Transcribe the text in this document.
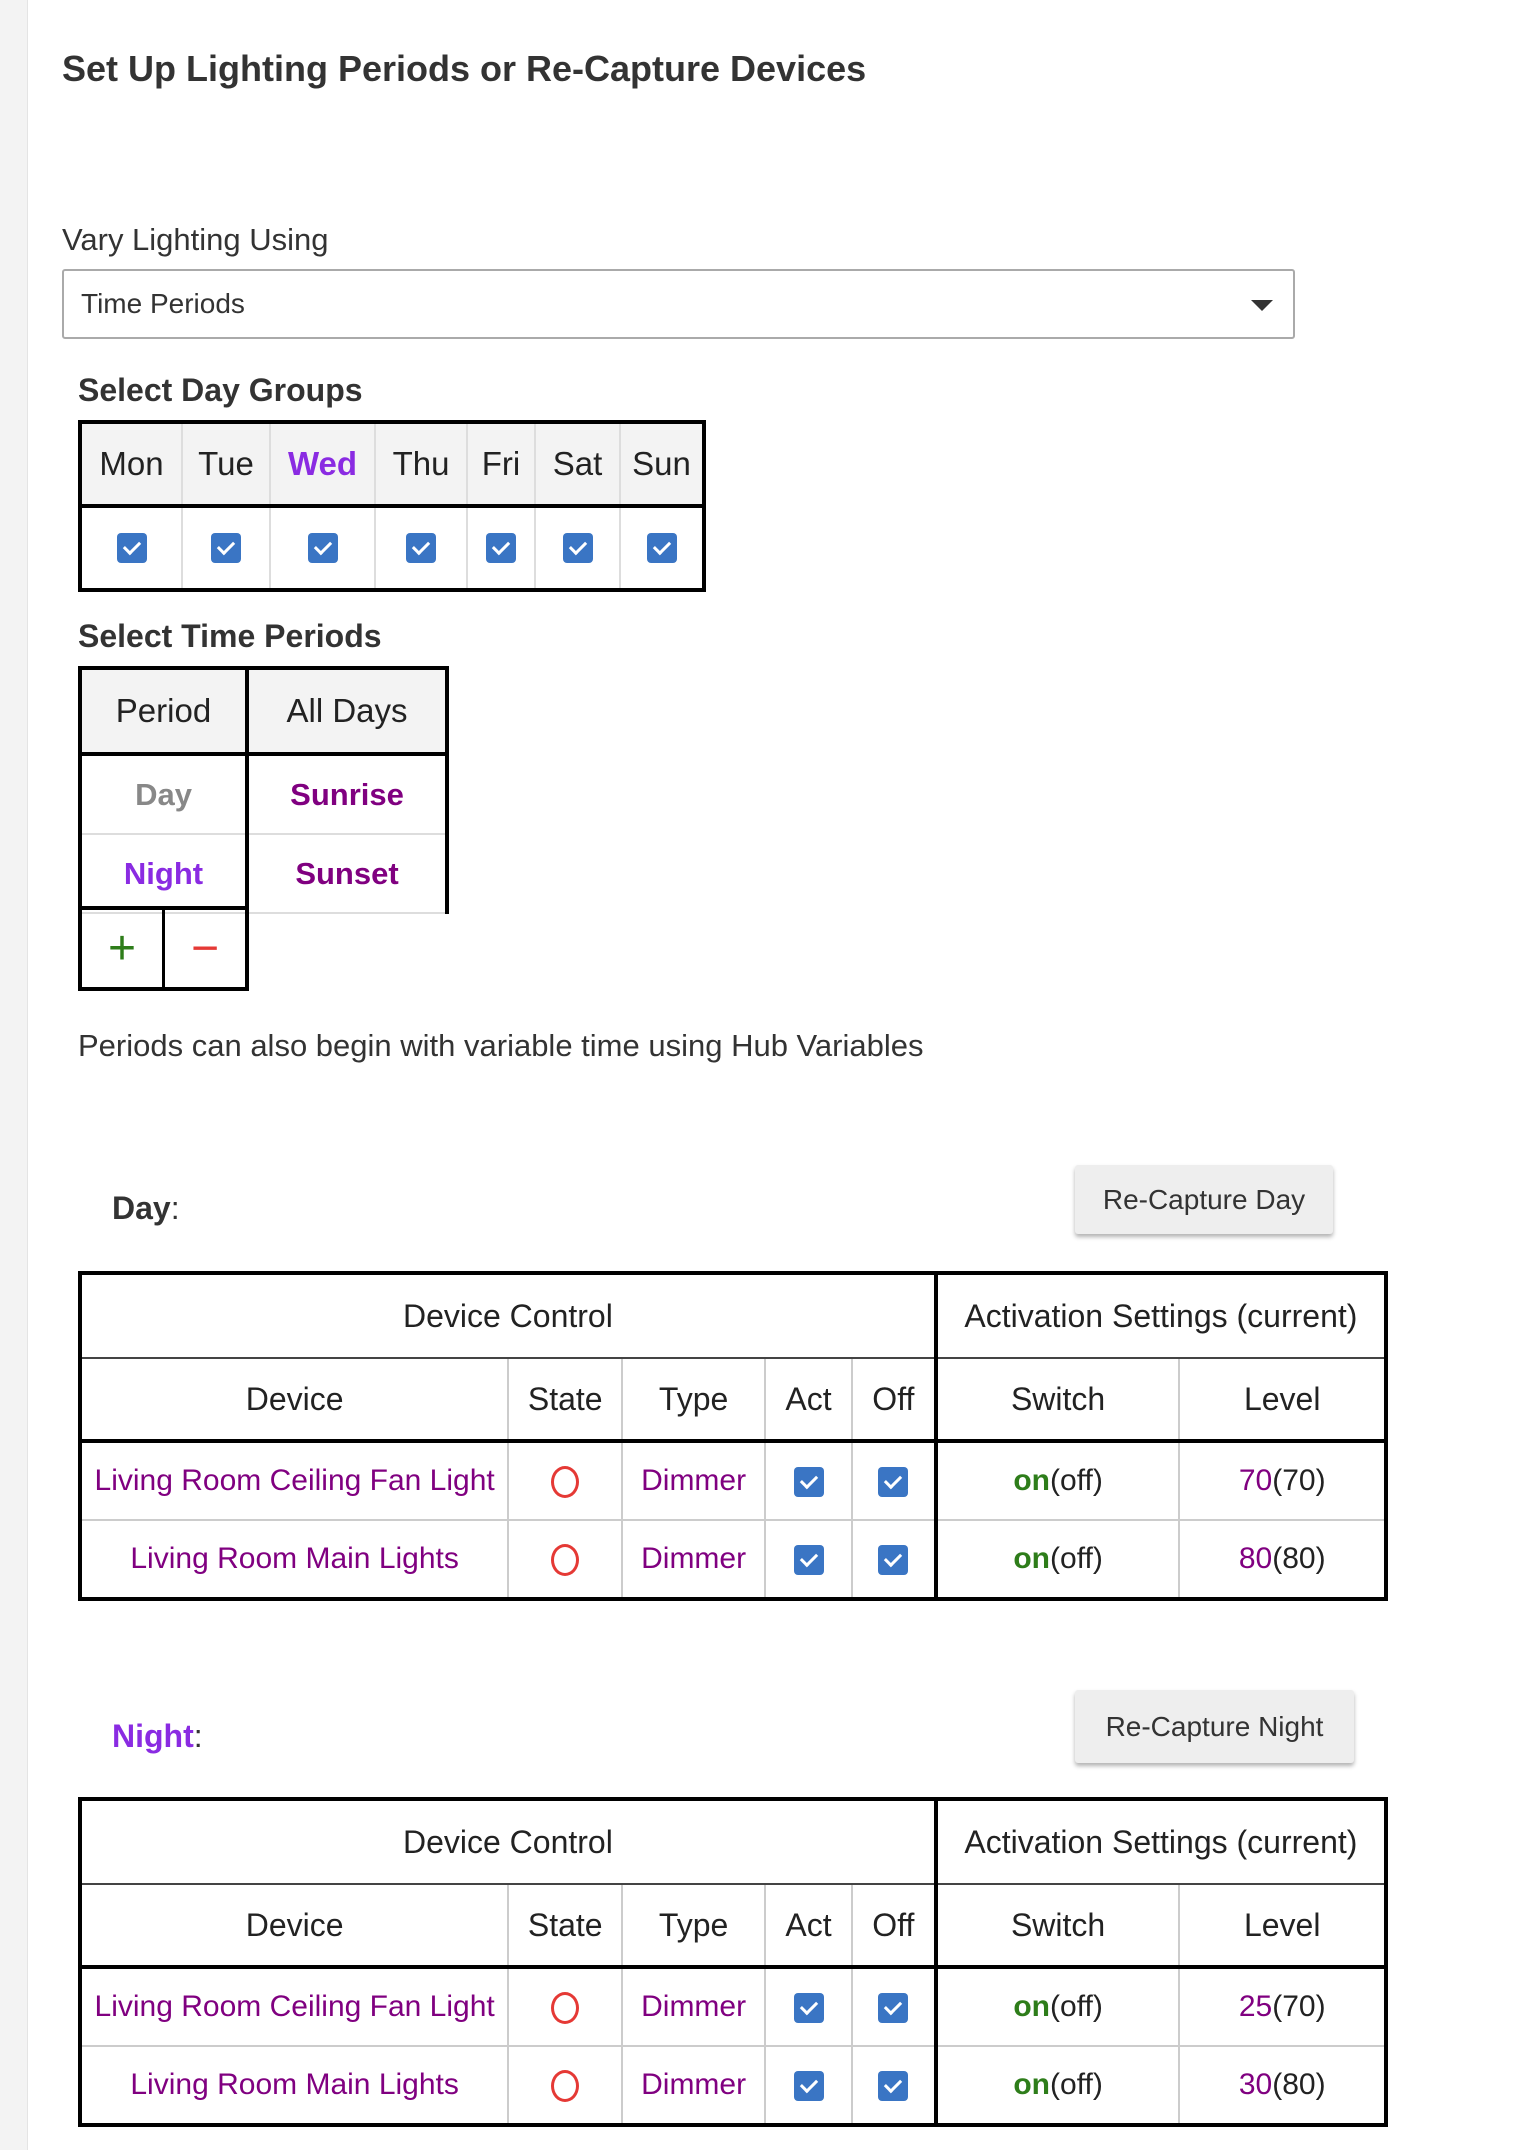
Set Up Lighting Periods or Re-Capture Devices
Vary Lighting Using
Time Periods
Select Day Groups
Mon	Tue	Wed	Thu	Fri	Sat	Sun

Select Time Periods
Period	All Days
Day	Sunrise
Night	Sunset
+	−
Periods can also begin with variable time using Hub Variables
Day:	Re-Capture Day
Device Control					Activation Settings (current)	
Device	State	Type	Act	Off	Switch	Level
Living Room Ceiling Fan Light		Dimmer			on(off)	70(70)
Living Room Main Lights		Dimmer			on(off)	80(80)
Night:	Re-Capture Night
Device Control					Activation Settings (current)	
Device	State	Type	Act	Off	Switch	Level
Living Room Ceiling Fan Light		Dimmer			on(off)	25(70)
Living Room Main Lights		Dimmer			on(off)	30(80)
